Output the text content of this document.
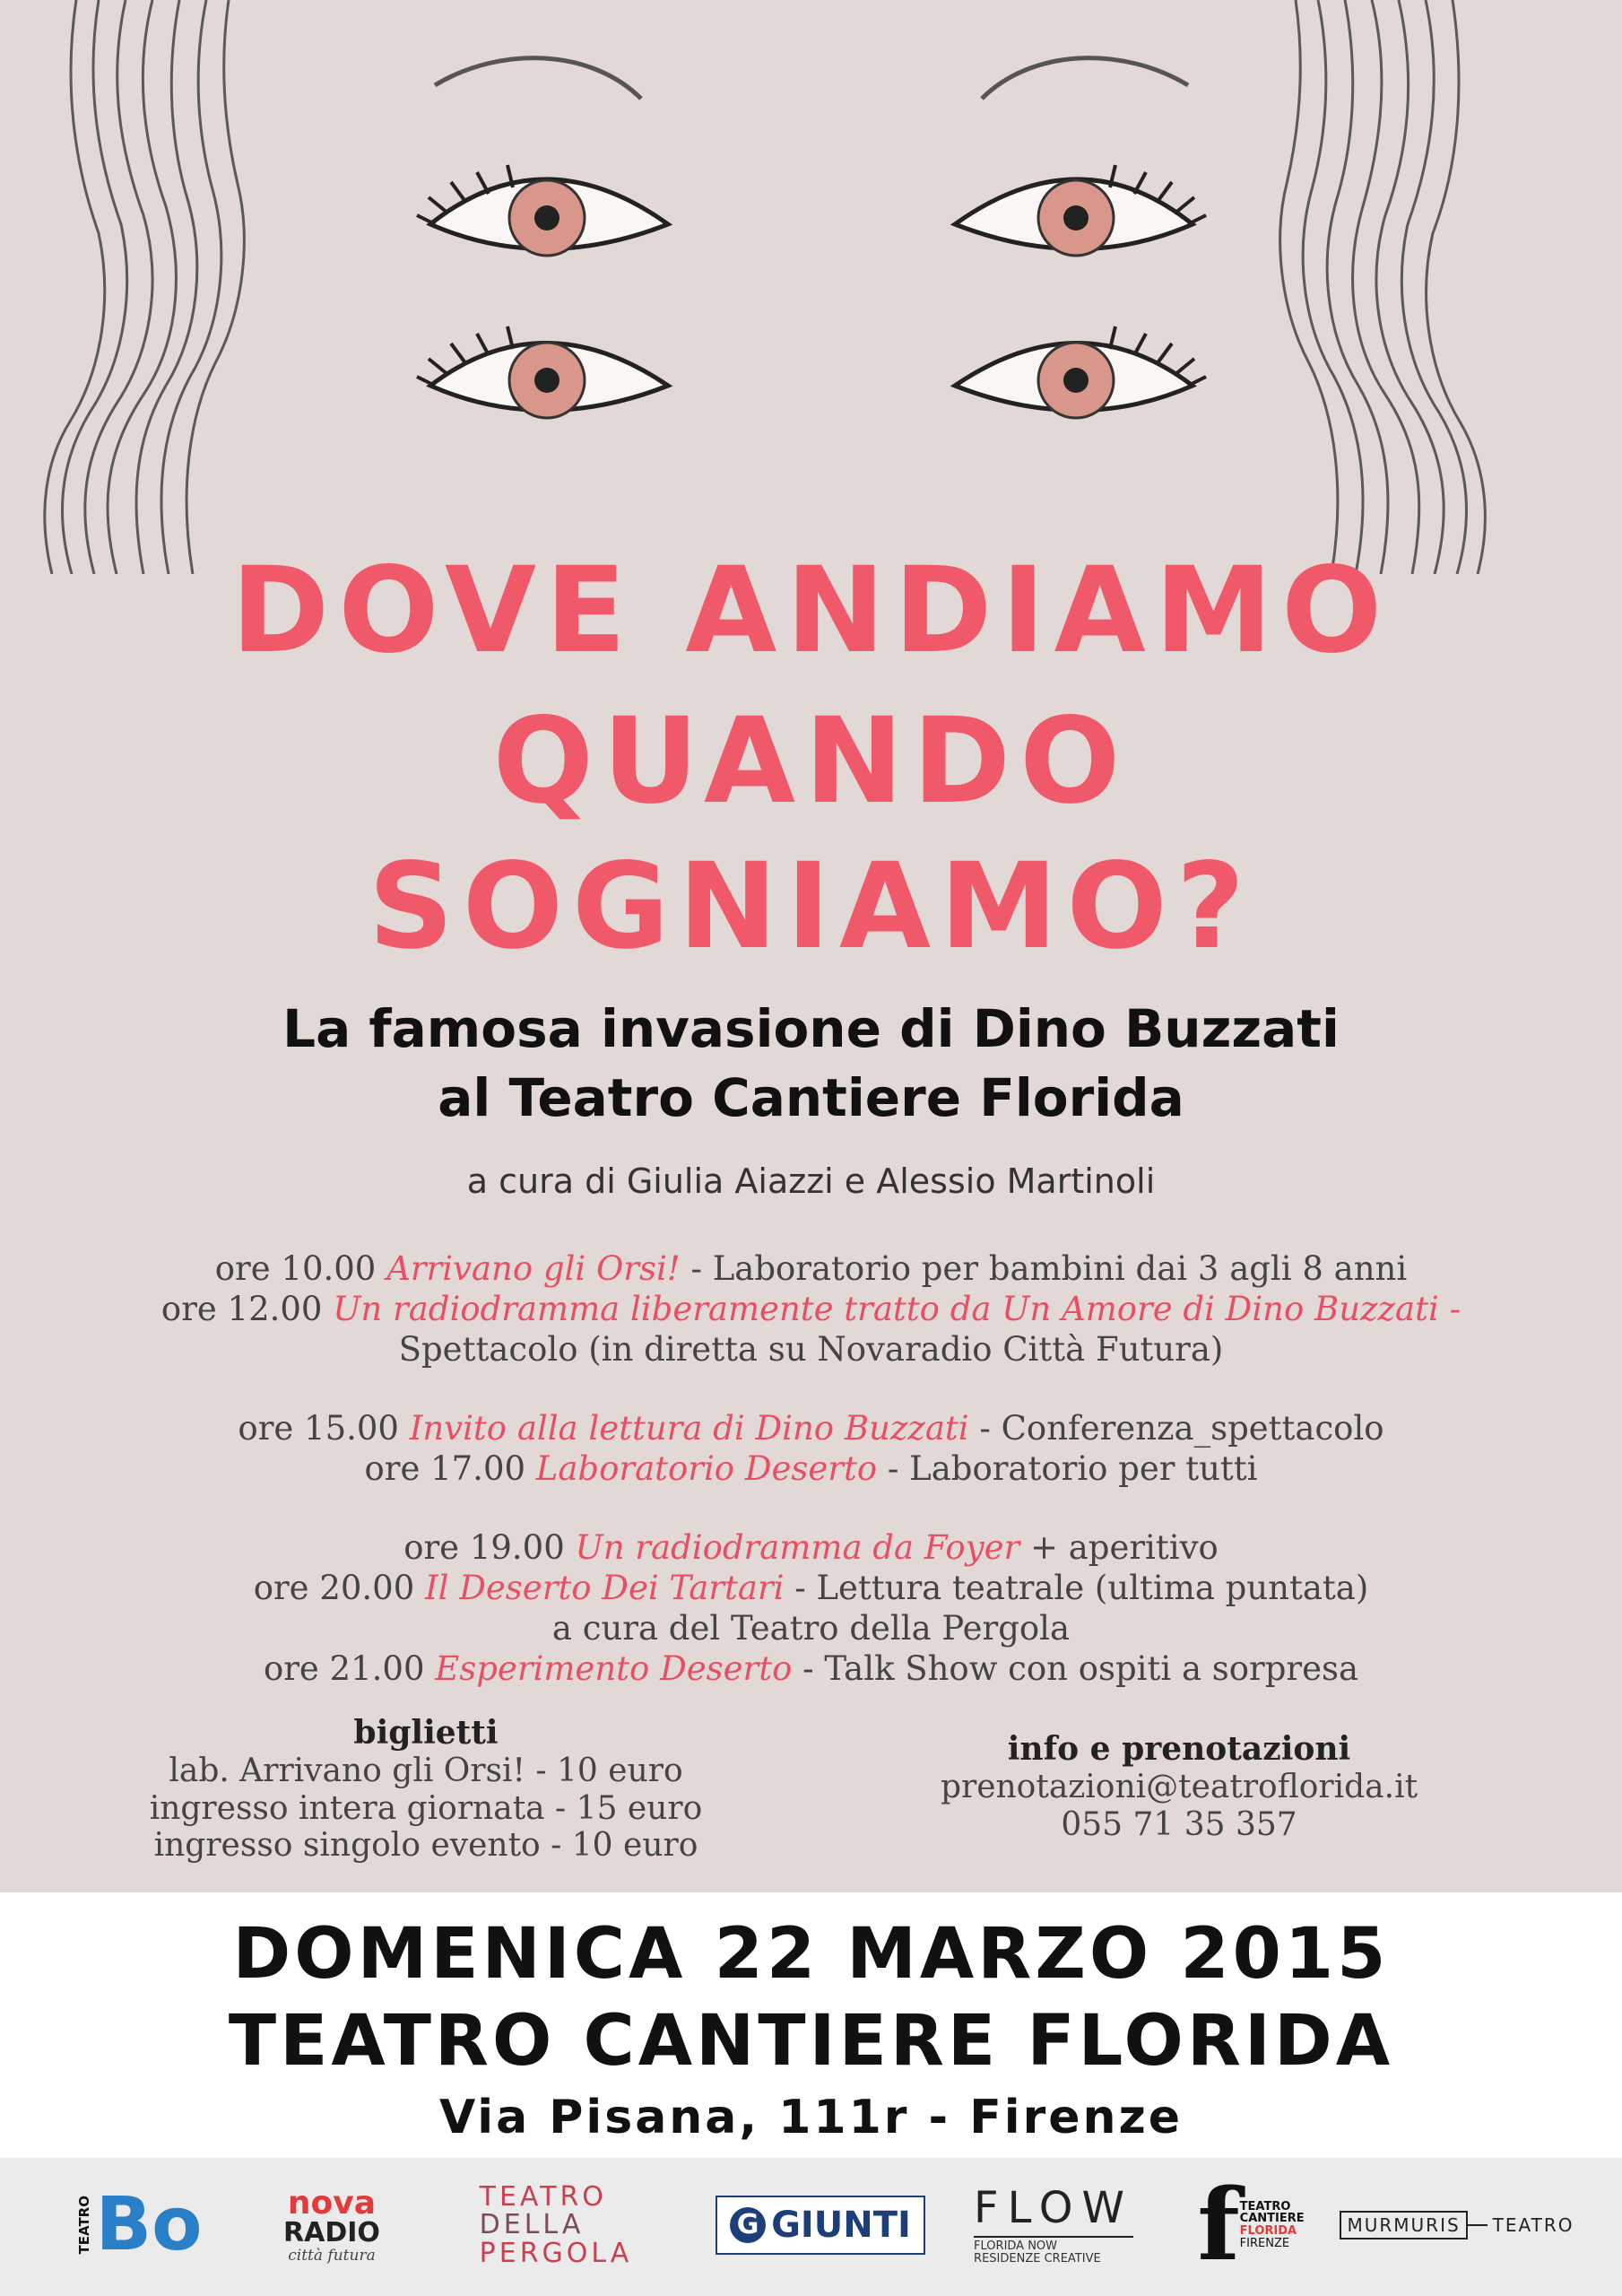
DOVE ANDIAMO
QUANDO
SOGNIAMO?
La famosa invasione di Dino Buzzati
al Teatro Cantiere Florida
a cura di Giulia Aiazzi e Alessio Martinoli
ore 10.00 Arrivano gli Orsi! - Laboratorio per bambini dai 3 agli 8 anni
ore 12.00 Un radiodramma liberamente tratto da Un Amore di Dino Buzzati -
Spettacolo (in diretta su Novaradio Città Futura)
ore 15.00 Invito alla lettura di Dino Buzzati - Conferenza_spettacolo
ore 17.00 Laboratorio Deserto - Laboratorio per tutti
ore 19.00 Un radiodramma da Foyer + aperitivo
ore 20.00 Il Deserto Dei Tartari - Lettura teatrale (ultima puntata)
a cura del Teatro della Pergola
ore 21.00 Esperimento Deserto - Talk Show con ospiti a sorpresa
biglietti
lab. Arrivano gli Orsi! - 10 euro
ingresso intera giornata - 15 euro
ingresso singolo evento - 10 euro
info e prenotazioni
prenotazioni@teatroflorida.it
055 71 35 357
DOMENICA 22 MARZO 2015
TEATRO CANTIERE FLORIDA
Via Pisana, 111r - Firenze
TEATRO Bo	nova
RADIO
città futura
TEATRO
DELLA
PERGOLA
G GIUNTI FLOW
FLORIDA NOW
RESIDENZE CREATIVE f TEATRO
CANTIERE
FLORIDA
FIRENZE
MURMURIS	TEATRO
